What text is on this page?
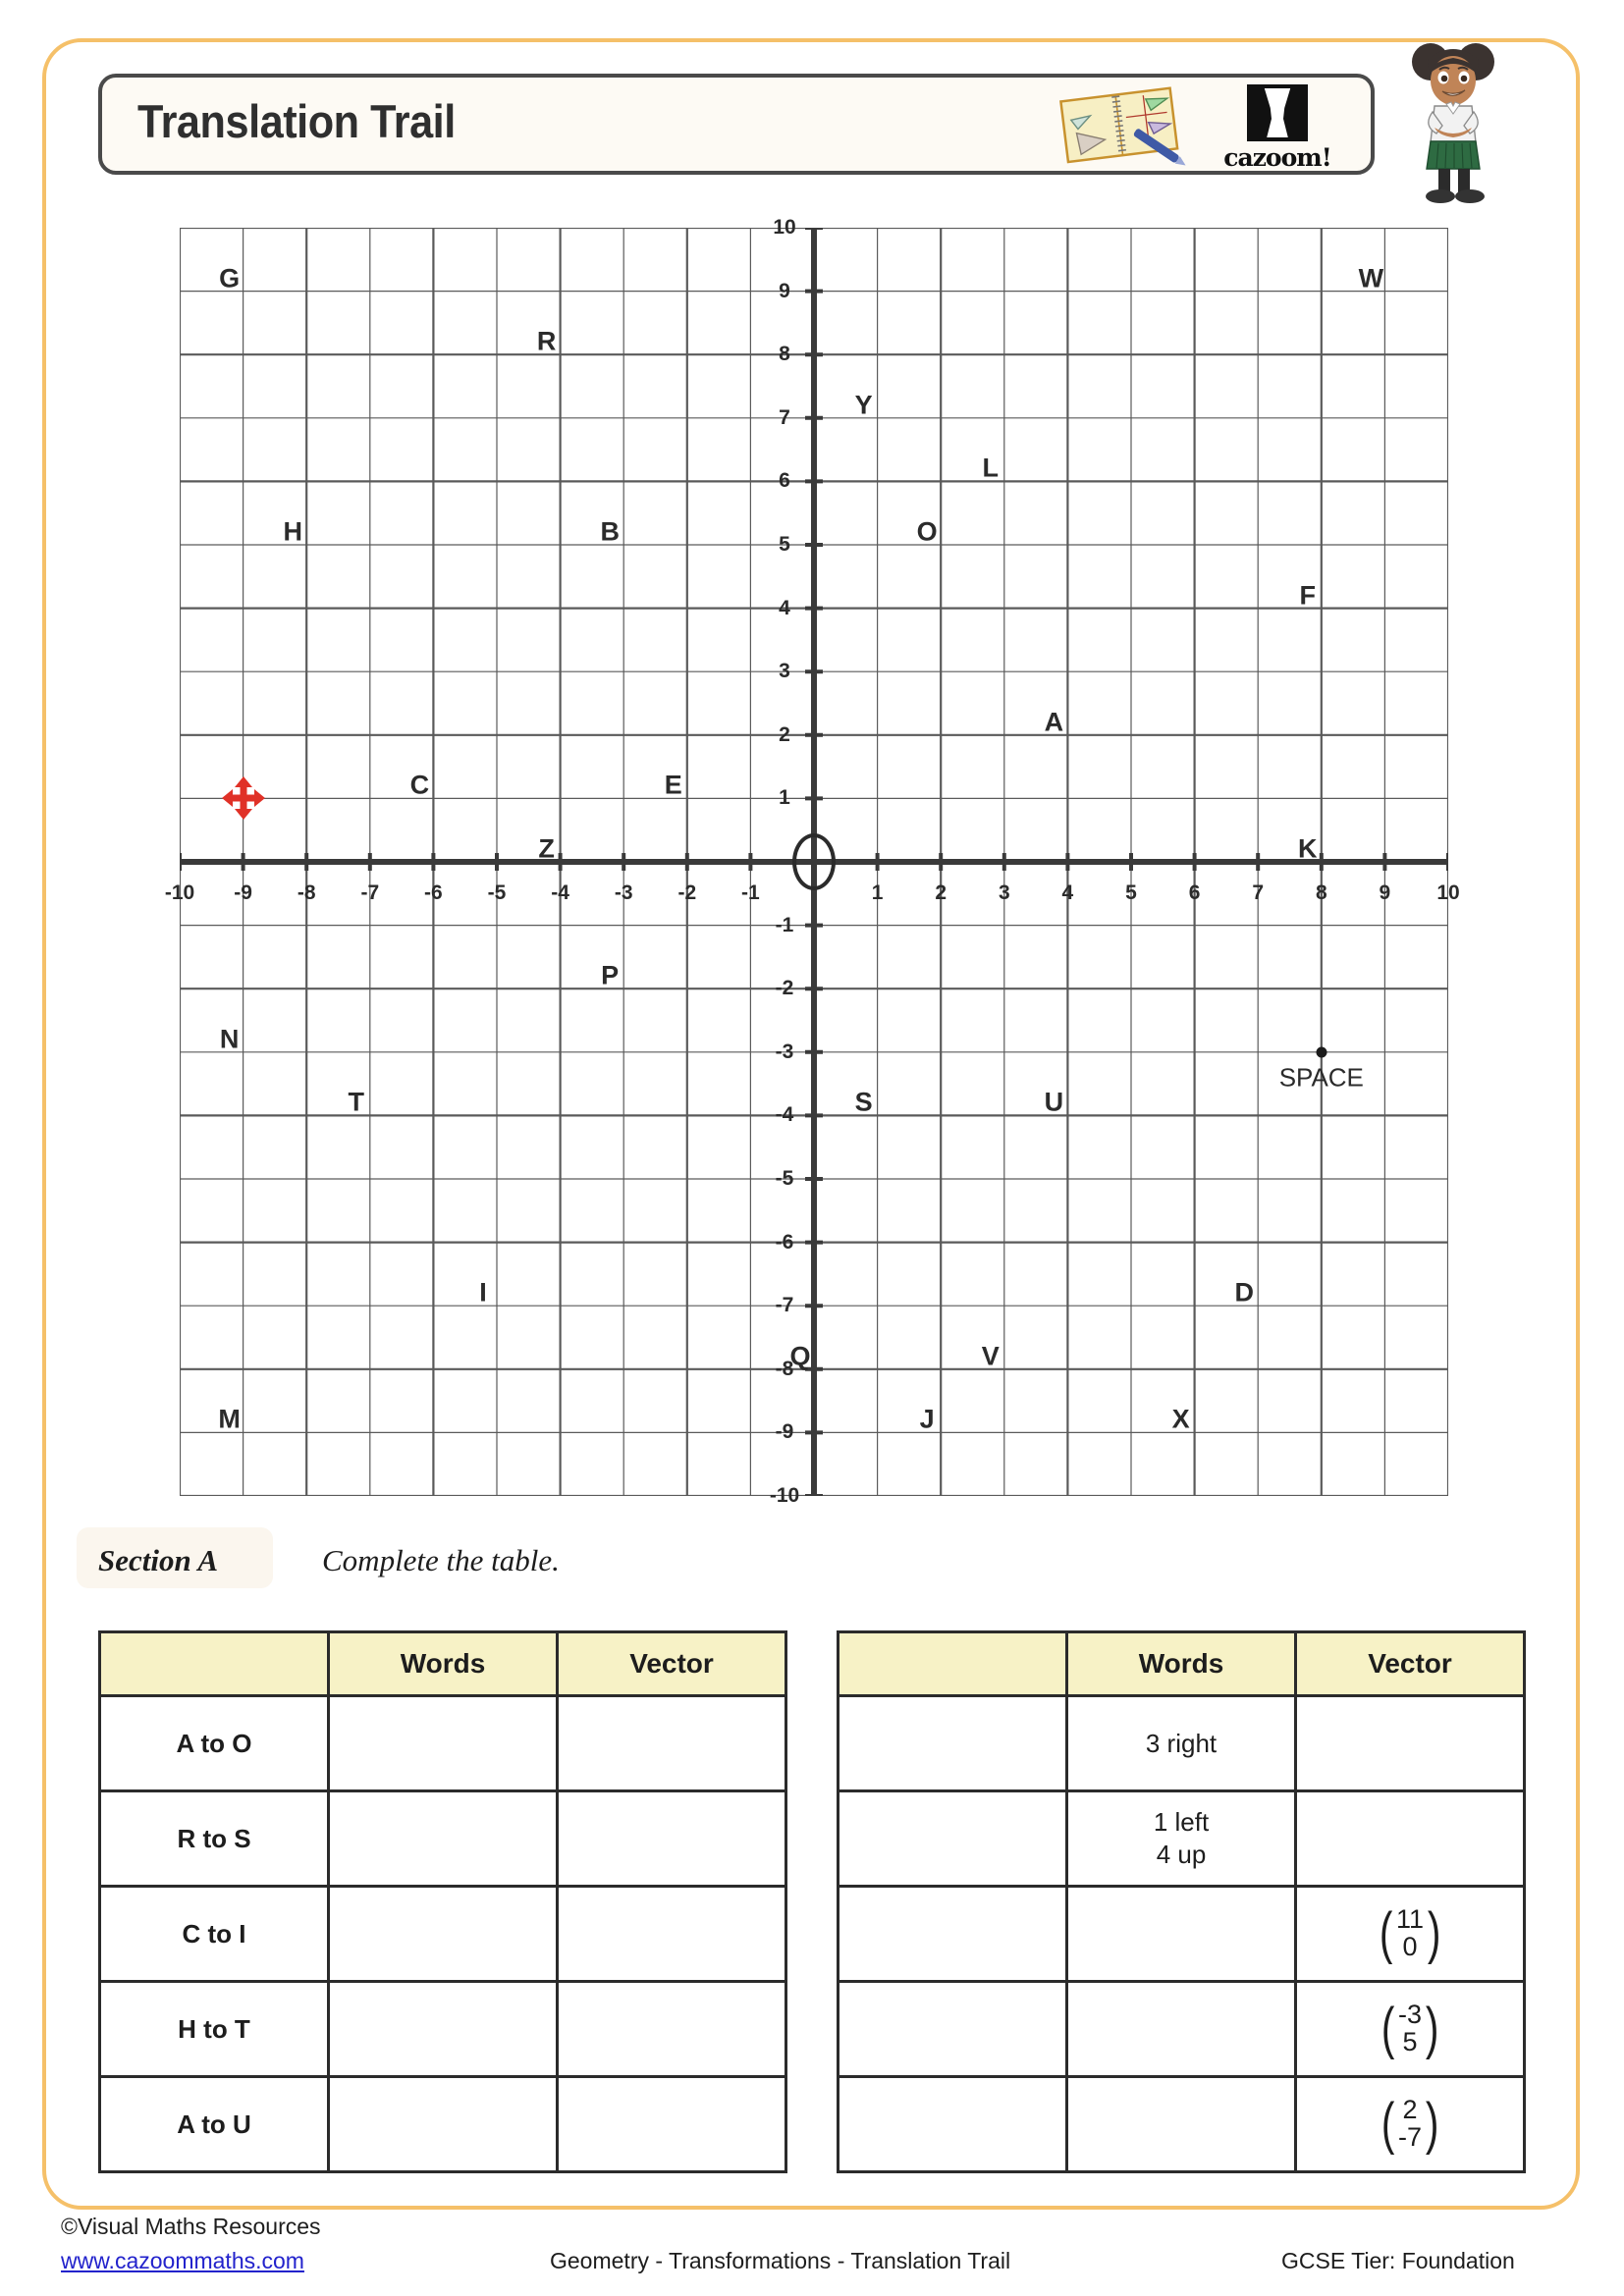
Translation Trail
cazoom!
-10 -9 -8 -7 -6 -5 -4 -3 -2 -1	1	2	3	4	5	6	7	8	9 10
10
9
8
7
6
5
4
3
2
1
-1
-2
-3
-4
-5
-6
-7
-8
-9
-10
G	W
R
Y
L
H	B	O
F
A
C	E
Z	K
P
N
T	S	U
I	D
Q	V
M	J	X
SPACE
Section A	Complete the table.
	Words	Vector
A to O		
R to S		
C to I		
H to T		
A to U		
	Words	Vector
	3 right	
	1 left
4 up	

		( 11
0 )

		( -3
5 )

		( 2
-7 )
©Visual Maths Resources
www.cazoommaths.com	Geometry - Transformations - Translation Trail	GCSE Tier: Foundation
